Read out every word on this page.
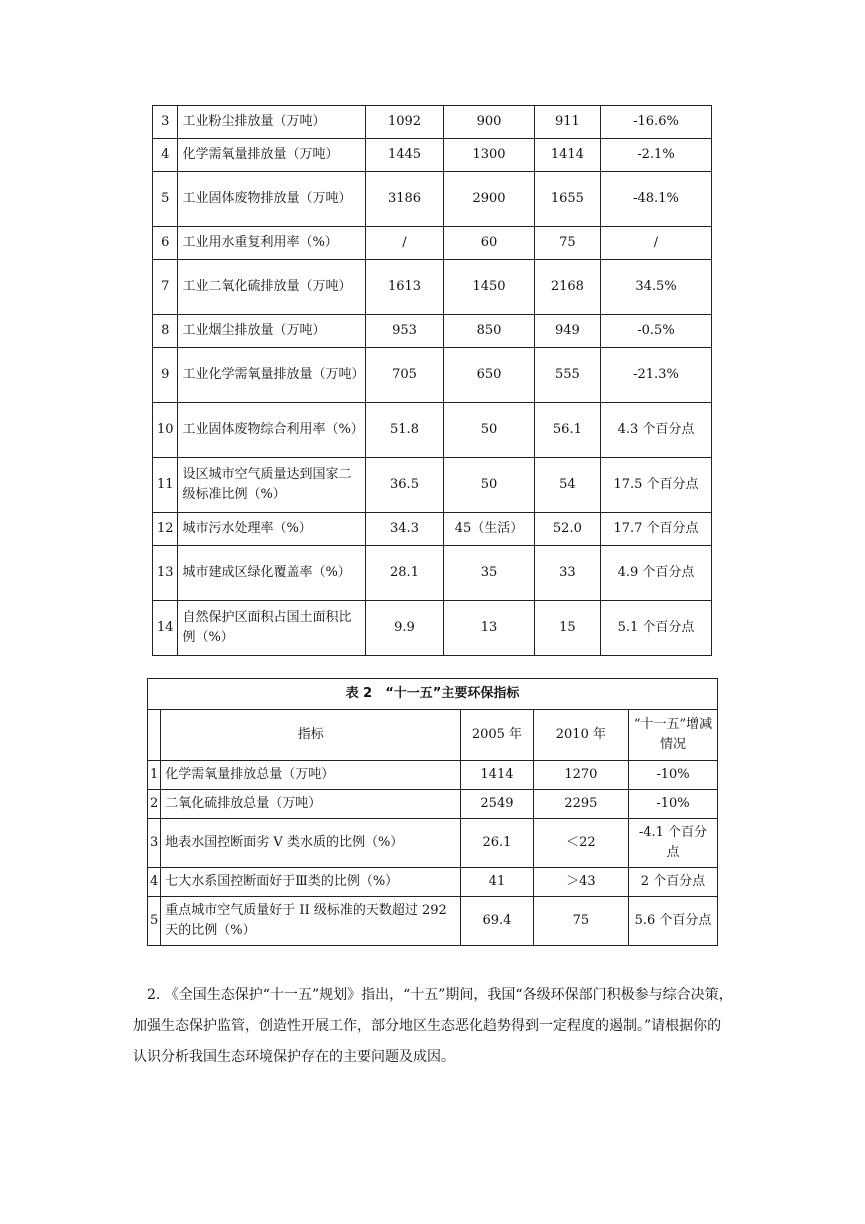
3	工业粉尘排放量（万吨）	1092	900	911	-16.6%
4	化学需氧量排放量（万吨）	1445	1300	1414	-2.1%
5	工业固体废物排放量（万吨）	3186	2900	1655	-48.1%
6	工业用水重复利用率（%）	/	60	75	/
7	工业二氧化硫排放量（万吨）	1613	1450	2168	34.5%
8	工业烟尘排放量（万吨）	953	850	949	-0.5%
9	工业化学需氧量排放量（万吨）	705	650	555	-21.3%
10	工业固体废物综合利用率（%）	51.8	50	56.1	4.3 个百分点
11	设区城市空气质量达到国家二级标准比例（%）	36.5	50	54	17.5 个百分点
12	城市污水处理率（%）	34.3	45（生活）	52.0	17.7 个百分点
13	城市建成区绿化覆盖率（%）	28.1	35	33	4.9 个百分点
14	自然保护区面积占国土面积比例（%）	9.9	13	15	5.1 个百分点
表 2　“十一五”主要环保指标				
	指标	2005 年	2010 年	“十一五”增减情况
1	化学需氧量排放总量（万吨）	1414	1270	-10%
2	二氧化硫排放总量（万吨）	2549	2295	-10%
3	地表水国控断面劣 V 类水质的比例（%）	26.1	＜22	-4.1 个百分点
4	七大水系国控断面好于Ⅲ类的比例（%）	41	＞43	2 个百分点
5	重点城市空气质量好于 II 级标准的天数超过 292 天的比例（%）	69.4	75	5.6 个百分点

2. 《全国生态保护“十一五”规划》指出，“十五”期间，我国“各级环保部门积极参与综合决策，加强生态保护监管，创造性开展工作，部分地区生态恶化趋势得到一定程度的遏制。”请根据你的认识分析我国生态环境保护存在的主要问题及成因。
